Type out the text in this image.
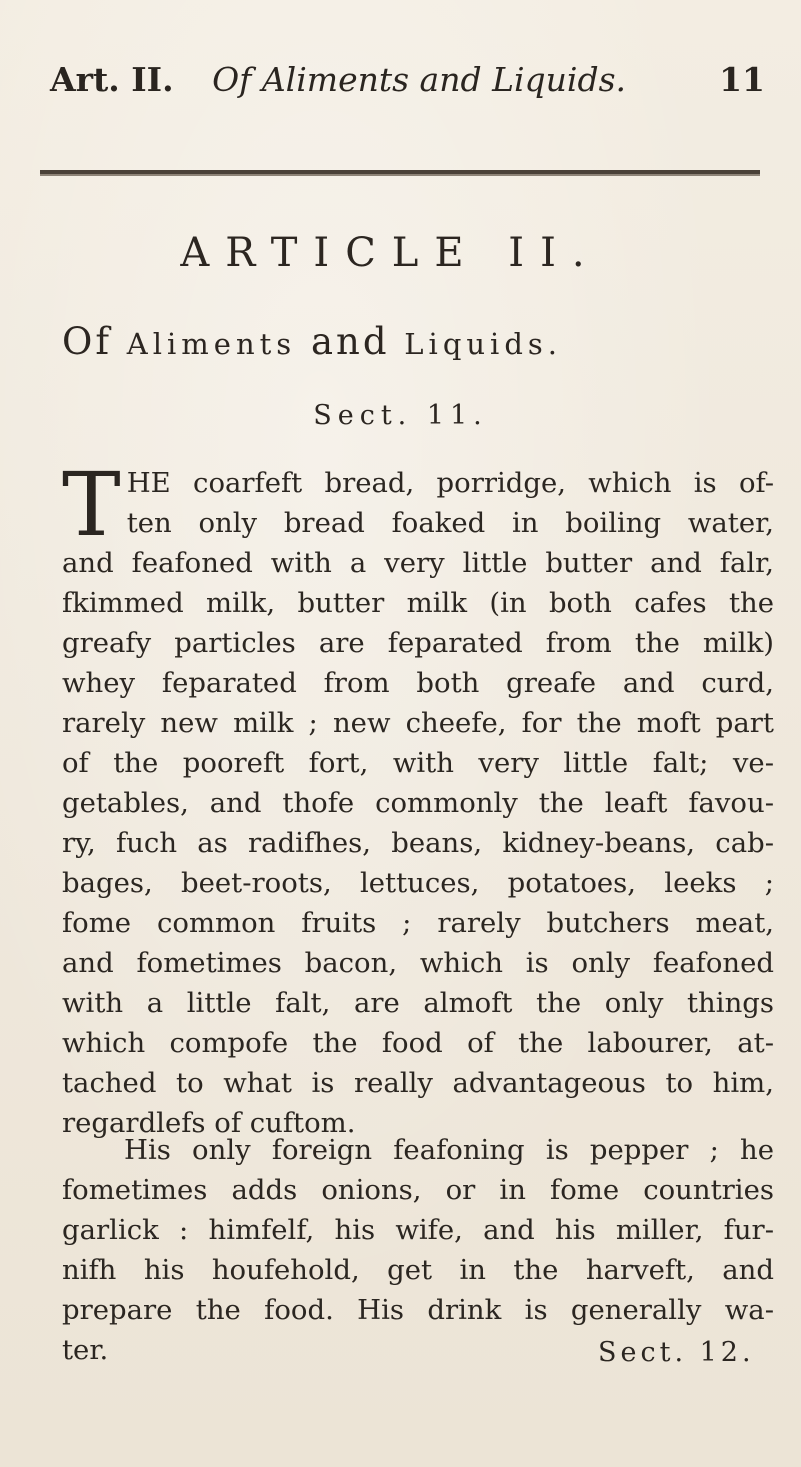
Art. II. Of Aliments and Liquids.	11
ARTICLE II.
Of Aliments and Liquids.
Sect. 11.
T HE coarfeft bread, porridge, which is of-
ten only bread foaked in boiling water,
and feafoned with a very little butter and falr,
fkimmed milk, butter milk (in both cafes the
greafy particles are feparated from the milk)
whey feparated from both greafe and curd,
rarely new milk ; new cheefe, for the moft part
of the pooreft fort, with very little falt; ve-
getables, and thofe commonly the leaft favou-
ry, fuch as radifhes, beans, kidney-beans, cab-
bages, beet-roots, lettuces, potatoes, leeks ;
fome common fruits ; rarely butchers meat,
and fometimes bacon, which is only feafoned
with a little falt, are almoft the only things
which compofe the food of the labourer, at-
tached to what is really advantageous to him,
regardlefs of cuftom.
His only foreign feafoning is pepper ; he
fometimes adds onions, or in fome countries
garlick : himfelf, his wife, and his miller, fur-
nifh his houfehold, get in the harveft, and
prepare the food. His drink is generally wa-
ter.	Sect. 12.
